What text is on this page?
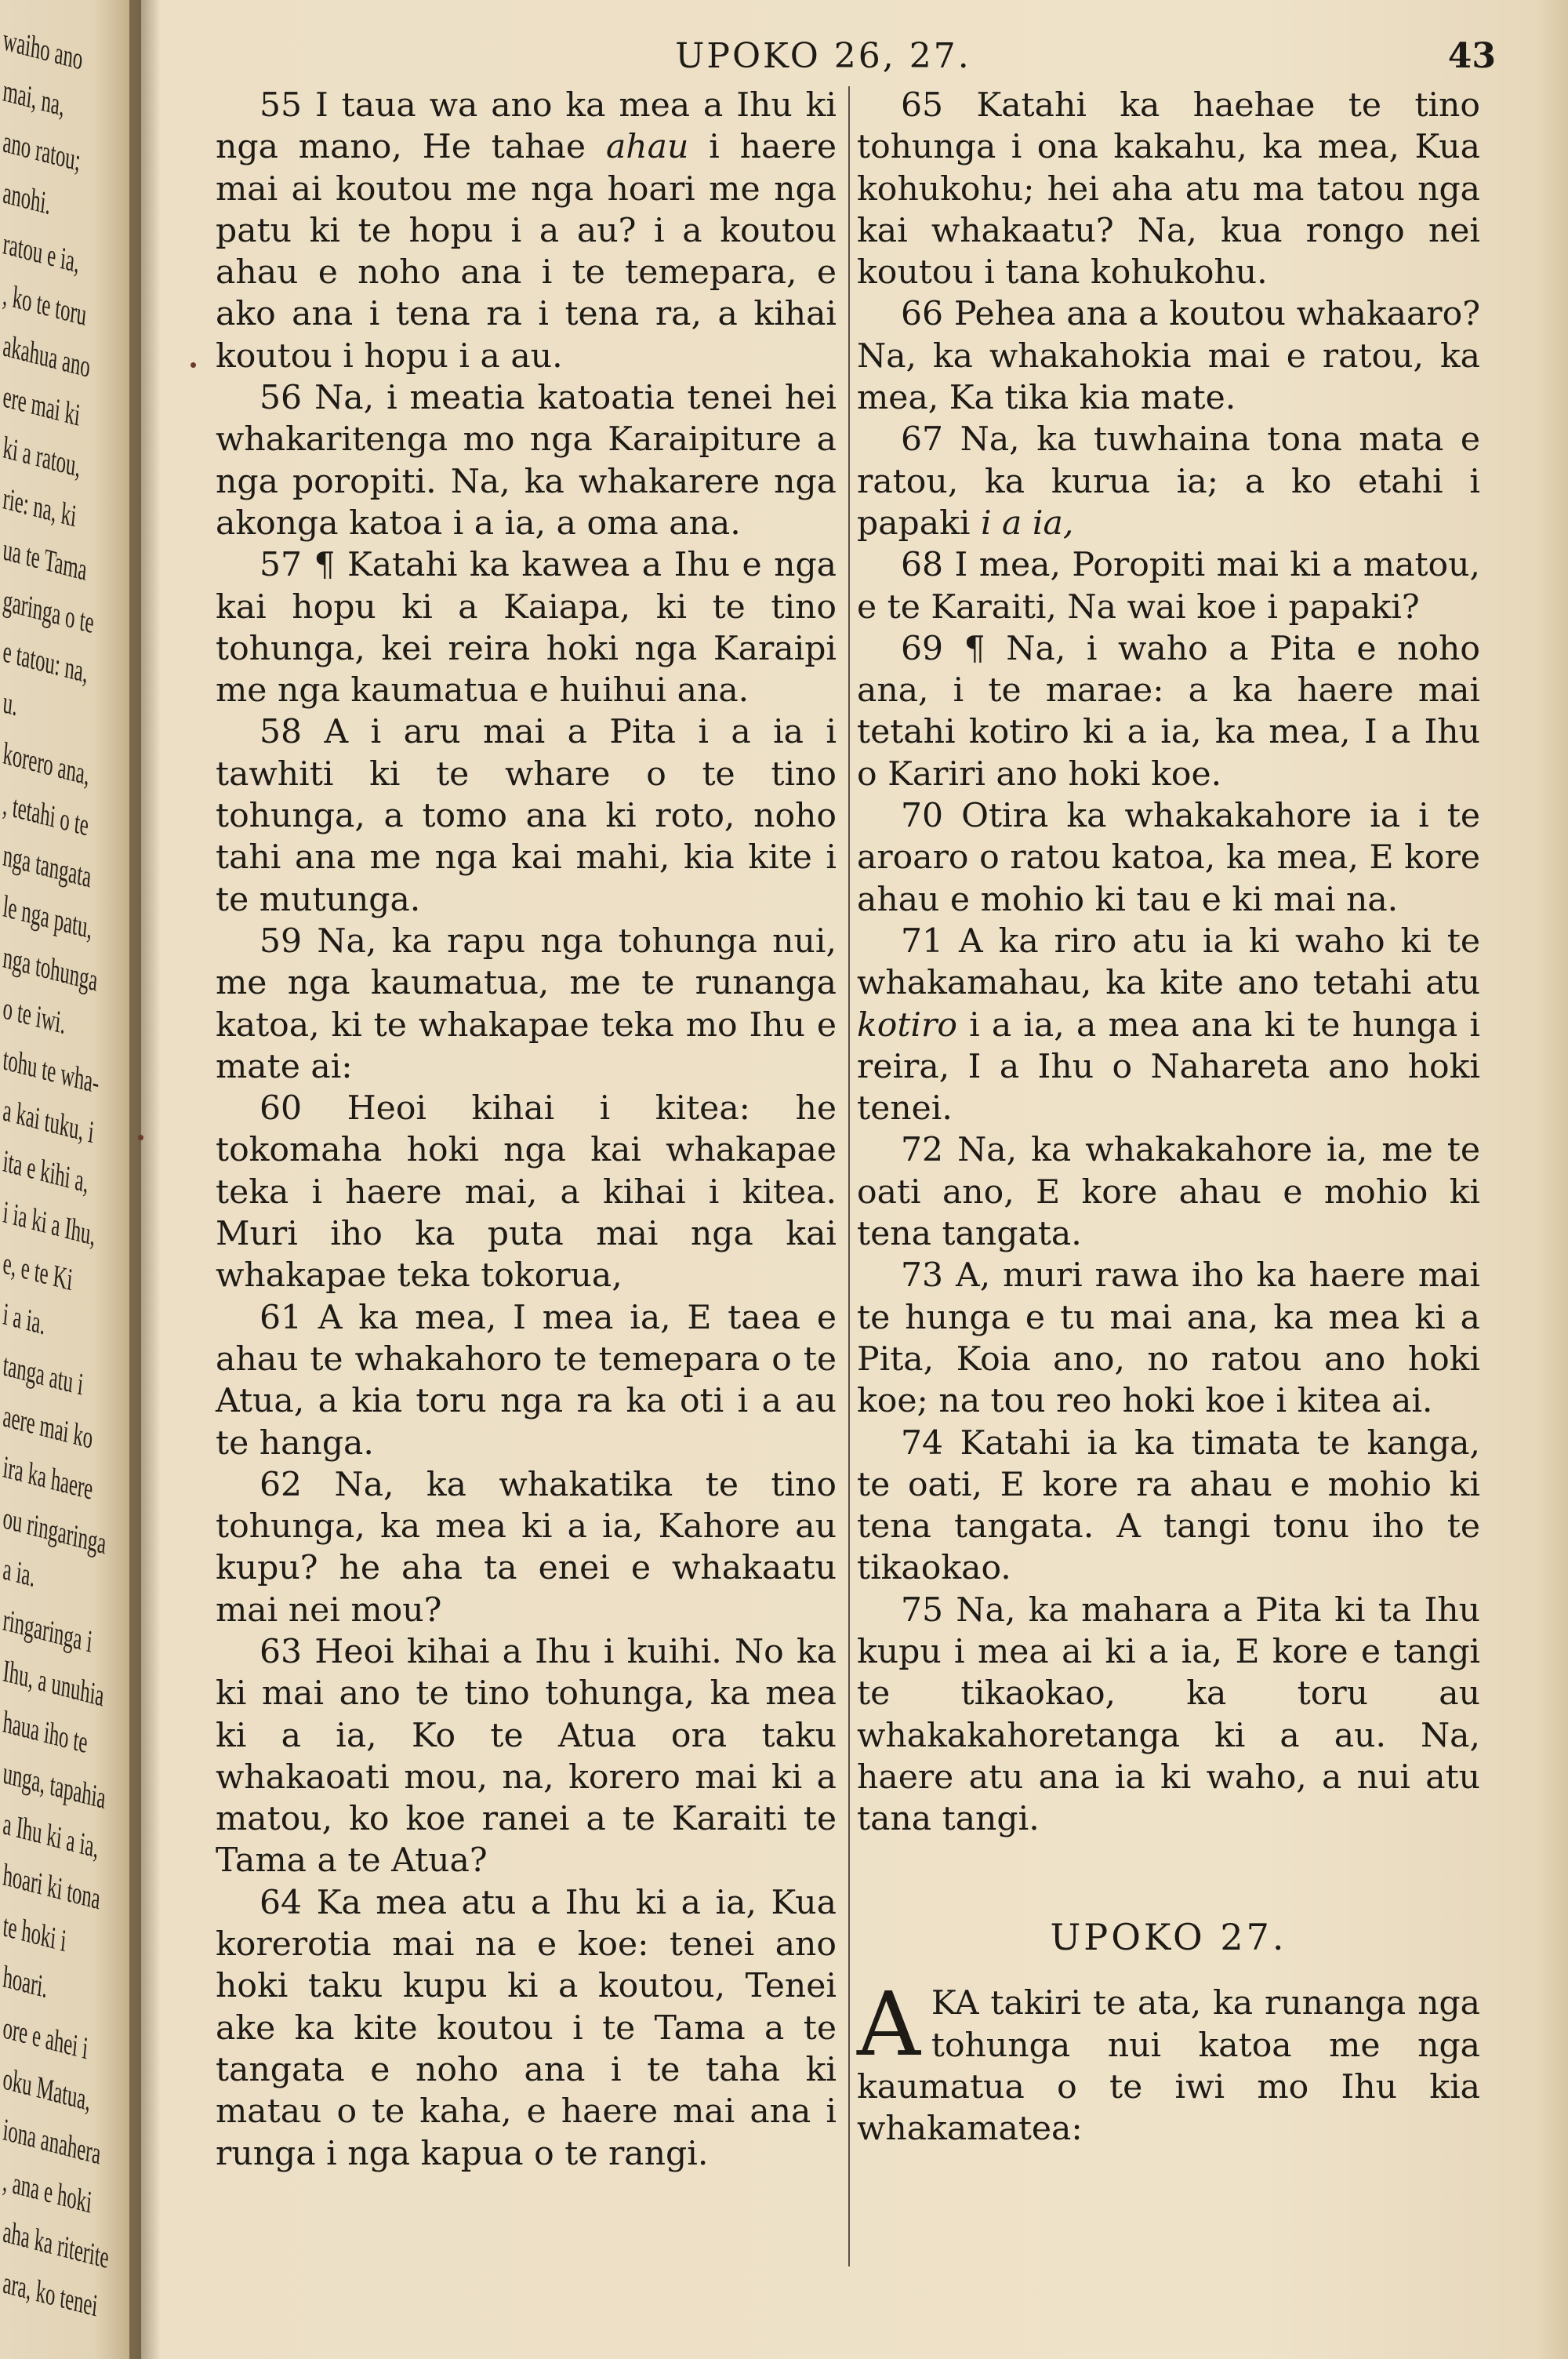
waiho ano
mai, na,
ano ratou;
anohi.
ratou e ia,
, ko te toru
akahua ano
ere mai ki
ki a ratou,
rie: na, ki
ua te Tama
garinga o te
e tatou: na,
u.
korero ana,
, tetahi o te
nga tangata
le nga patu,
nga tohunga
o te iwi.
tohu te wha-
a kai tuku, i
ita e kihi a,
i ia ki a Ihu,
e, e te Ki
i a ia.
tanga atu i
aere mai ko
ira ka haere
ou ringaringa
a ia.
ringaringa i
Ihu, a unuhia
haua iho te
unga, tapahia
a Ihu ki a ia,
hoari ki tona
te hoki i
hoari.
ore e ahei i
oku Matua,
iona anahera
, ana e hoki
aha ka riterite
ara, ko tenei
UPOKO 26, 27.	43

55 I taua wa ano ka mea a Ihu ki nga mano, He tahae ahau i haere mai ai koutou me nga hoari me nga patu ki te hopu i a au? i a koutou ahau e noho ana i te temepara, e ako ana i tena ra i tena ra, a kihai koutou i hopu i a au.

56 Na, i meatia katoatia tenei hei whakaritenga mo nga Karaipiture a nga poropiti. Na, ka whakarere nga akonga katoa i a ia, a oma ana.

57 ¶ Katahi ka kawea a Ihu e nga kai hopu ki a Kaiapa, ki te tino tohunga, kei reira hoki nga Karaipi me nga kaumatua e huihui ana.

58 A i aru mai a Pita i a ia i tawhiti ki te whare o te tino tohunga, a tomo ana ki roto, noho tahi ana me nga kai mahi, kia kite i te mutunga.

59 Na, ka rapu nga tohunga nui, me nga kaumatua, me te runanga katoa, ki te whakapae teka mo Ihu e mate ai:

60 Heoi kihai i kitea: he tokomaha hoki nga kai whakapae teka i haere mai, a kihai i kitea. Muri iho ka puta mai nga kai whakapae teka tokorua,

61 A ka mea, I mea ia, E taea e ahau te whakahoro te temepara o te Atua, a kia toru nga ra ka oti i a au te hanga.

62 Na, ka whakatika te tino tohunga, ka mea ki a ia, Kahore au kupu? he aha ta enei e whakaatu mai nei mou?

63 Heoi kihai a Ihu i kuihi. No ka ki mai ano te tino tohunga, ka mea ki a ia, Ko te Atua ora taku whakaoati mou, na, korero mai ki a matou, ko koe ranei a te Karaiti te Tama a te Atua?

64 Ka mea atu a Ihu ki a ia, Kua korerotia mai na e koe: tenei ano hoki taku kupu ki a koutou, Tenei ake ka kite koutou i te Tama a te tangata e noho ana i te taha ki matau o te kaha, e haere mai ana i runga i nga kapua o te rangi.

65 Katahi ka haehae te tino tohunga i ona kakahu, ka mea, Kua kohukohu; hei aha atu ma tatou nga kai whakaatu? Na, kua rongo nei koutou i tana kohukohu.

66 Pehea ana a koutou whakaaro? Na, ka whakahokia mai e ratou, ka mea, Ka tika kia mate.

67 Na, ka tuwhaina tona mata e ratou, ka kurua ia; a ko etahi i papaki i a ia,

68 I mea, Poropiti mai ki a matou, e te Karaiti, Na wai koe i papaki?

69 ¶ Na, i waho a Pita e noho ana, i te marae: a ka haere mai tetahi kotiro ki a ia, ka mea, I a Ihu o Kariri ano hoki koe.

70 Otira ka whakakahore ia i te aroaro o ratou katoa, ka mea, E kore ahau e mohio ki tau e ki mai na.

71 A ka riro atu ia ki waho ki te whakamahau, ka kite ano tetahi atu kotiro i a ia, a mea ana ki te hunga i reira, I a Ihu o Nahareta ano hoki tenei.

72 Na, ka whakakahore ia, me te oati ano, E kore ahau e mohio ki tena tangata.

73 A, muri rawa iho ka haere mai te hunga e tu mai ana, ka mea ki a Pita, Koia ano, no ratou ano hoki koe; na tou reo hoki koe i kitea ai.

74 Katahi ia ka timata te kanga, te oati, E kore ra ahau e mohio ki tena tangata. A tangi tonu iho te tikaokao.

75 Na, ka mahara a Pita ki ta Ihu kupu i mea ai ki a ia, E kore e tangi te tikaokao, ka toru au whakakahoretanga ki a au. Na, haere atu ana ia ki waho, a nui atu tana tangi.

UPOKO 27.

AKA takiri te ata, ka runanga nga tohunga nui katoa me nga kaumatua o te iwi mo Ihu kia whakamatea:
